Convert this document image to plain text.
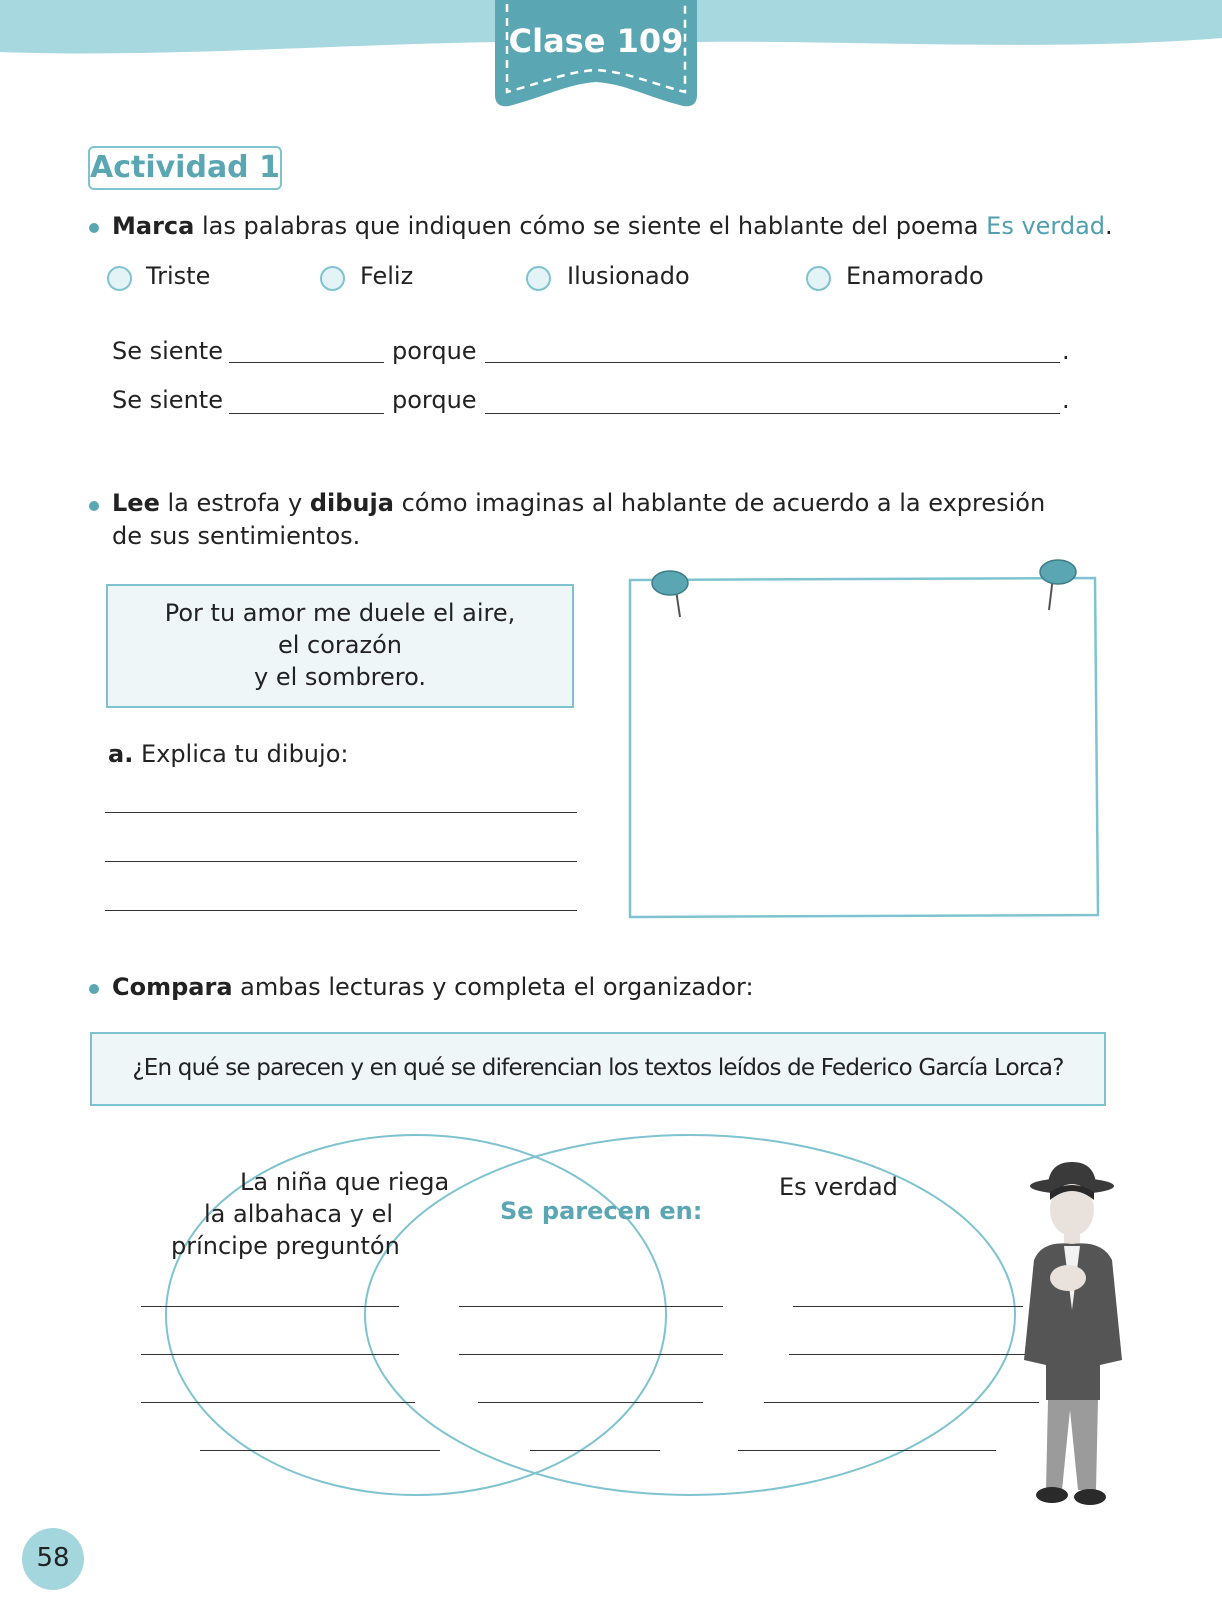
Clase 109
Actividad 1
Marca las palabras que indiquen cómo se siente el hablante del poema Es verdad.
Triste	Feliz	Ilusionado	Enamorado
Se siente	porque	.
Se siente	porque	.
Lee la estrofa y dibuja cómo imaginas al hablante de acuerdo a la expresión
de sus sentimientos.
Por tu amor me duele el aire,
el corazón
y el sombrero.
a. Explica tu dibujo:
Compara ambas lecturas y completa el organizador:
¿En qué se parecen y en qué se diferencian los textos leídos de Federico García Lorca?
La niña que riega
la albahaca y el
príncipe preguntón
Se parecen en:
Es verdad
58
